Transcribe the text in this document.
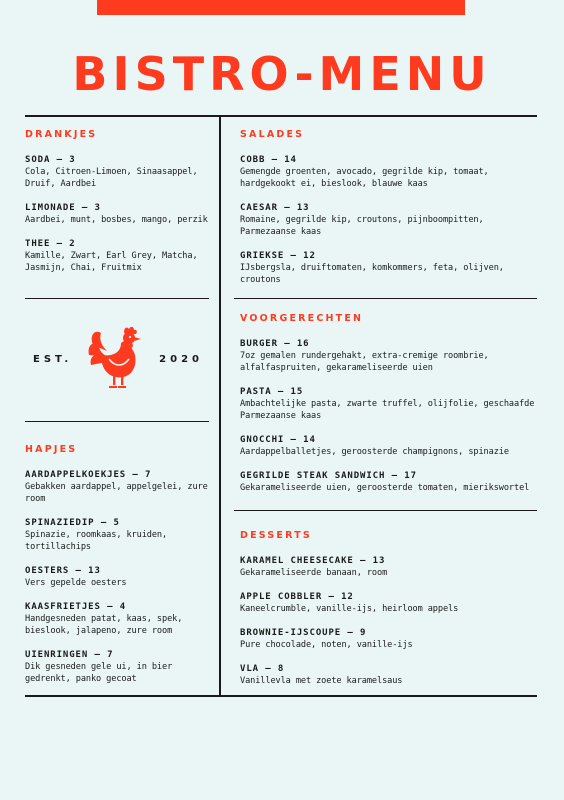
BISTRO-MENU
DRANKJES
SODA – 3
Cola, Citroen-Limoen, Sinaasappel, Druif, Aardbei
LIMONADE – 3
Aardbei, munt, bosbes, mango, perzik
THEE – 2
Kamille, Zwart, Earl Grey, Matcha, Jasmijn, Chai, Fruitmix
EST.	2020
HAPJES
AARDAPPELKOEKJES – 7
Gebakken aardappel, appelgelei, zure room
SPINAZIEDIP – 5
Spinazie, roomkaas, kruiden, tortillachips
OESTERS – 13
Vers gepelde oesters
KAASFRIETJES – 4
Handgesneden patat, kaas, spek, bieslook, jalapeno, zure room
UIENRINGEN – 7
Dik gesneden gele ui, in bier gedrenkt, panko gecoat
SALADES
COBB – 14
Gemengde groenten, avocado, gegrilde kip, tomaat, hardgekookt ei, bieslook, blauwe kaas
CAESAR – 13
Romaine, gegrilde kip, croutons, pijnboompitten, Parmezaanse kaas
GRIEKSE – 12
IJsbergsla, druiftomaten, komkommers, feta, olijven, croutons
VOORGERECHTEN
BURGER – 16
7oz gemalen rundergehakt, extra-cremige roombrie, alfalfaspruiten, gekarameliseerde uien
PASTA – 15
Ambachtelijke pasta, zwarte truffel, olijfolie, geschaafde Parmezaanse kaas
GNOCCHI – 14
Aardappelballetjes, geroosterde champignons, spinazie
GEGRILDE STEAK SANDWICH – 17
Gekarameliseerde uien, geroosterde tomaten, mierikswortel
DESSERTS
KARAMEL CHEESECAKE – 13
Gekarameliseerde banaan, room
APPLE COBBLER – 12
Kaneelcrumble, vanille-ijs, heirloom appels
BROWNIE-IJSCOUPE – 9
Pure chocolade, noten, vanille-ijs
VLA – 8
Vanillevla met zoete karamelsaus
